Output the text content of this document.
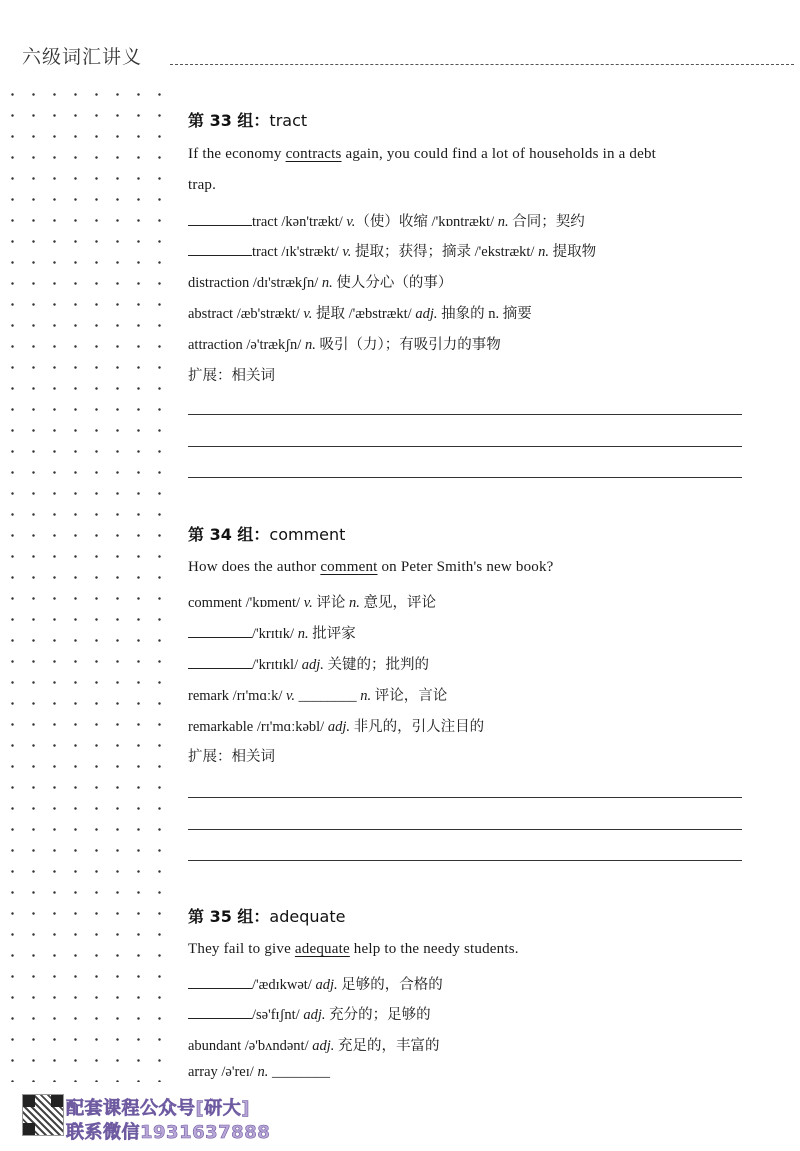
六级词汇讲义
第 33 组：tract
If the economy contracts again, you could find a lot of households in a debt
trap.
tract /kən'trækt/ v.（使）收缩 /'kɒntrækt/ n. 合同；契约
tract /ɪk'strækt/ v. 提取；获得；摘录 /'ekstrækt/ n. 提取物
distraction /dɪ'strækʃn/ n. 使人分心（的事）
abstract /æb'strækt/ v. 提取 /'æbstrækt/ adj. 抽象的 n. 摘要
attraction /ə'trækʃn/ n. 吸引（力）；有吸引力的事物
扩展：相关词
第 34 组：comment
How does the author comment on Peter Smith's new book?
comment /'kɒment/ v. 评论 n. 意见，评论
/'krɪtɪk/ n. 批评家
/'krɪtɪkl/ adj. 关键的；批判的
remark /rɪ'mɑːk/ v. ________ n. 评论，言论
remarkable /rɪ'mɑːkəbl/ adj. 非凡的，引人注目的
扩展：相关词
第 35 组：adequate
They fail to give adequate help to the needy students.
/'ædɪkwət/ adj. 足够的，合格的
/sə'fɪʃnt/ adj. 充分的；足够的
abundant /ə'bʌndənt/ adj. 充足的，丰富的
array /ə'reɪ/ n. ________
配套课程公众号[研大]
联系微信1931637888
